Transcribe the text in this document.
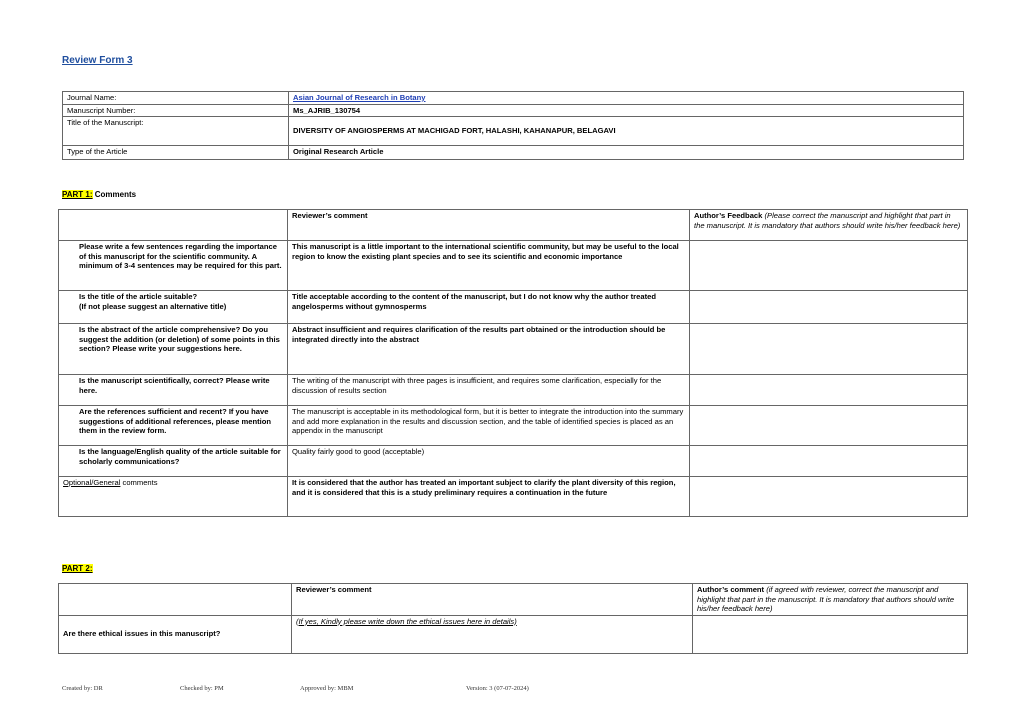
Review Form 3
Journal Name:	Asian Journal of Research in Botany
Manuscript Number:	Ms_AJRIB_130754
Title of the Manuscript:	DIVERSITY OF ANGIOSPERMS AT MACHIGAD FORT, HALASHI, KAHANAPUR, BELAGAVI
Type of the Article	Original Research Article
PART 1: Comments
	Reviewer’s comment	Author’s Feedback (Please correct the manuscript and highlight that part in the manuscript. It is mandatory that authors should write his/her feedback here)
Please write a few sentences regarding the importance of this manuscript for the scientific community. A minimum of 3-4 sentences may be required for this part.	This manuscript is a little important to the international scientific community, but may be useful to the local region to know the existing plant species and to see its scientific and economic importance	
Is the title of the article suitable?
(If not please suggest an alternative title)	Title acceptable according to the content of the manuscript, but I do not know why the author treated angelosperms without gymnosperms	
Is the abstract of the article comprehensive? Do you suggest the addition (or deletion) of some points in this section? Please write your suggestions here.	Abstract insufficient and requires clarification of the results part obtained or the introduction should be integrated directly into the abstract	
Is the manuscript scientifically, correct? Please write here.	The writing of the manuscript with three pages is insufficient, and requires some clarification, especially for the discussion of results section	
Are the references sufficient and recent? If you have suggestions of additional references, please mention them in the review form.	The manuscript is acceptable in its methodological form, but it is better to integrate the introduction into the summary and add more explanation in the results and discussion section, and the table of identified species is placed as an appendix in the manuscript	
Is the language/English quality of the article suitable for scholarly communications?	Quality fairly good to good (acceptable)	
Optional/General comments	It is considered that the author has treated an important subject to clarify the plant diversity of this region, and it is considered that this is a study preliminary requires a continuation in the future	
PART 2:
	Reviewer’s comment	Author’s comment (if agreed with reviewer, correct the manuscript and highlight that part in the manuscript. It is mandatory that authors should write his/her feedback here)
Are there ethical issues in this manuscript?	(If yes, Kindly please write down the ethical issues here in details)	
Created by: DR	Checked by: PM	Approved by: MBM	Version: 3 (07-07-2024)
